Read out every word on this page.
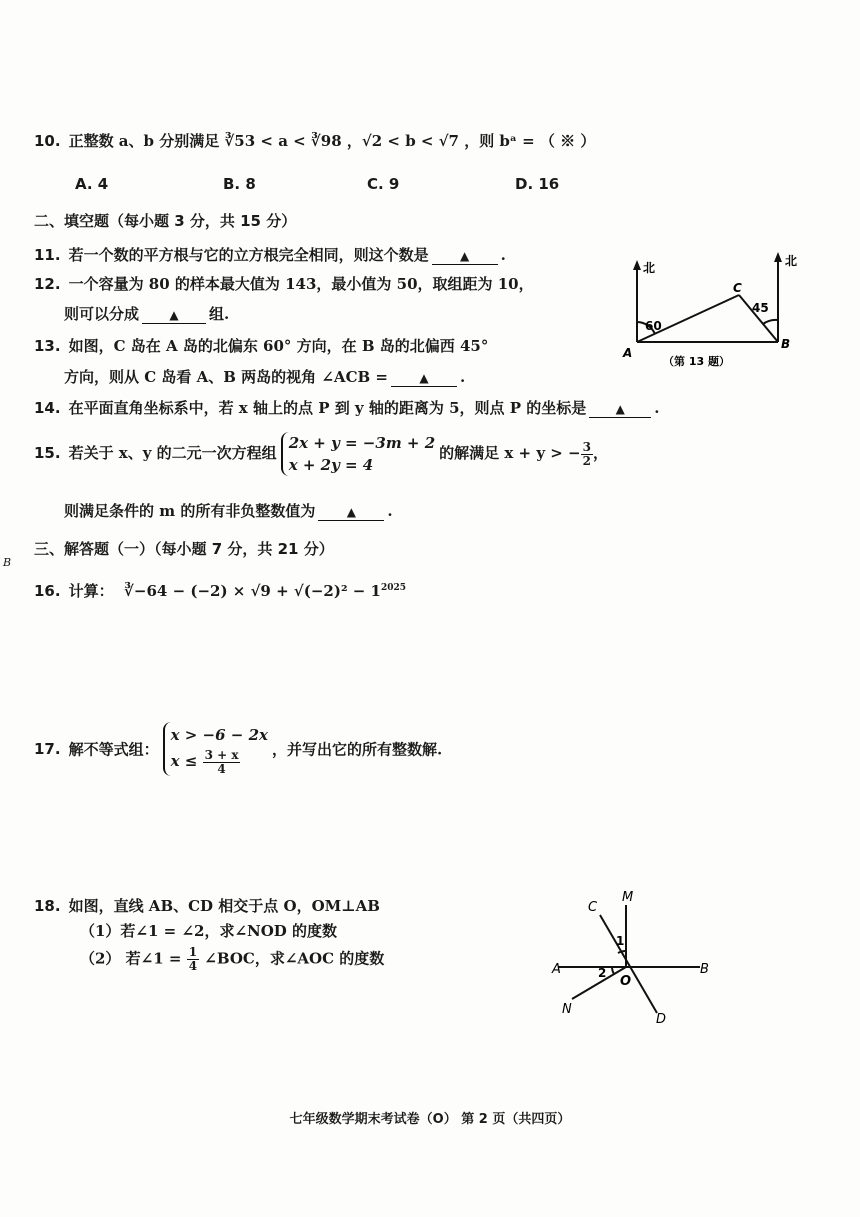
10. 正整数 a、b 分别满足 ∛53 < a < ∛98 ，√2 < b < √7 ，则 bᵃ = （ ※ ）
A. 4	B. 8	C. 9	D. 16
二、填空题（每小题 3 分，共 15 分）
11. 若一个数的平方根与它的立方根完全相同，则这个数是	▲ .
12. 一个容量为 80 的样本最大值为 143，最小值为 50，取组距为 10，
则可以分成	▲ 组.
13. 如图，C 岛在 A 岛的北偏东 60° 方向，在 B 岛的北偏西 45°
方向，则从 C 岛看 A、B 两岛的视角 ∠ACB =	▲ .
北	北
60
45
C
A
B
（第 13 题）
14. 在平面直角坐标系中，若 x 轴上的点 P 到 y 轴的距离为 5，则点 P 的坐标是 ▲ .
15. 若关于 x、y 的二元一次方程组
2x + y = −3m + 2
x + 2y = 4
的解满足 x + y > − $\frac{3}{2}$ ，
则满足条件的 m 的所有非负整数值为	▲ .
三、解答题（一）（每小题 7 分，共 21 分）
B
16. 计算： ∛−64 − $(-2) \times √9 + √(-2)^2 - 1^{2025}$
17. 解不等式组：
x > −6 − 2x
$x \le \frac{3 + x}{4}$ ，并写出它的所有整数解.
18. 如图，直线 AB、CD 相交于点 O，OM⊥AB
（1）若∠1 = ∠2，求∠NOD 的度数
（2） 若∠1 = $\frac{1}{4}$ ∠BOC，求∠AOC 的度数
C
M
1
A	2
O
B
N
D
七年级数学期末考试卷（O） 第 2 页（共四页）
